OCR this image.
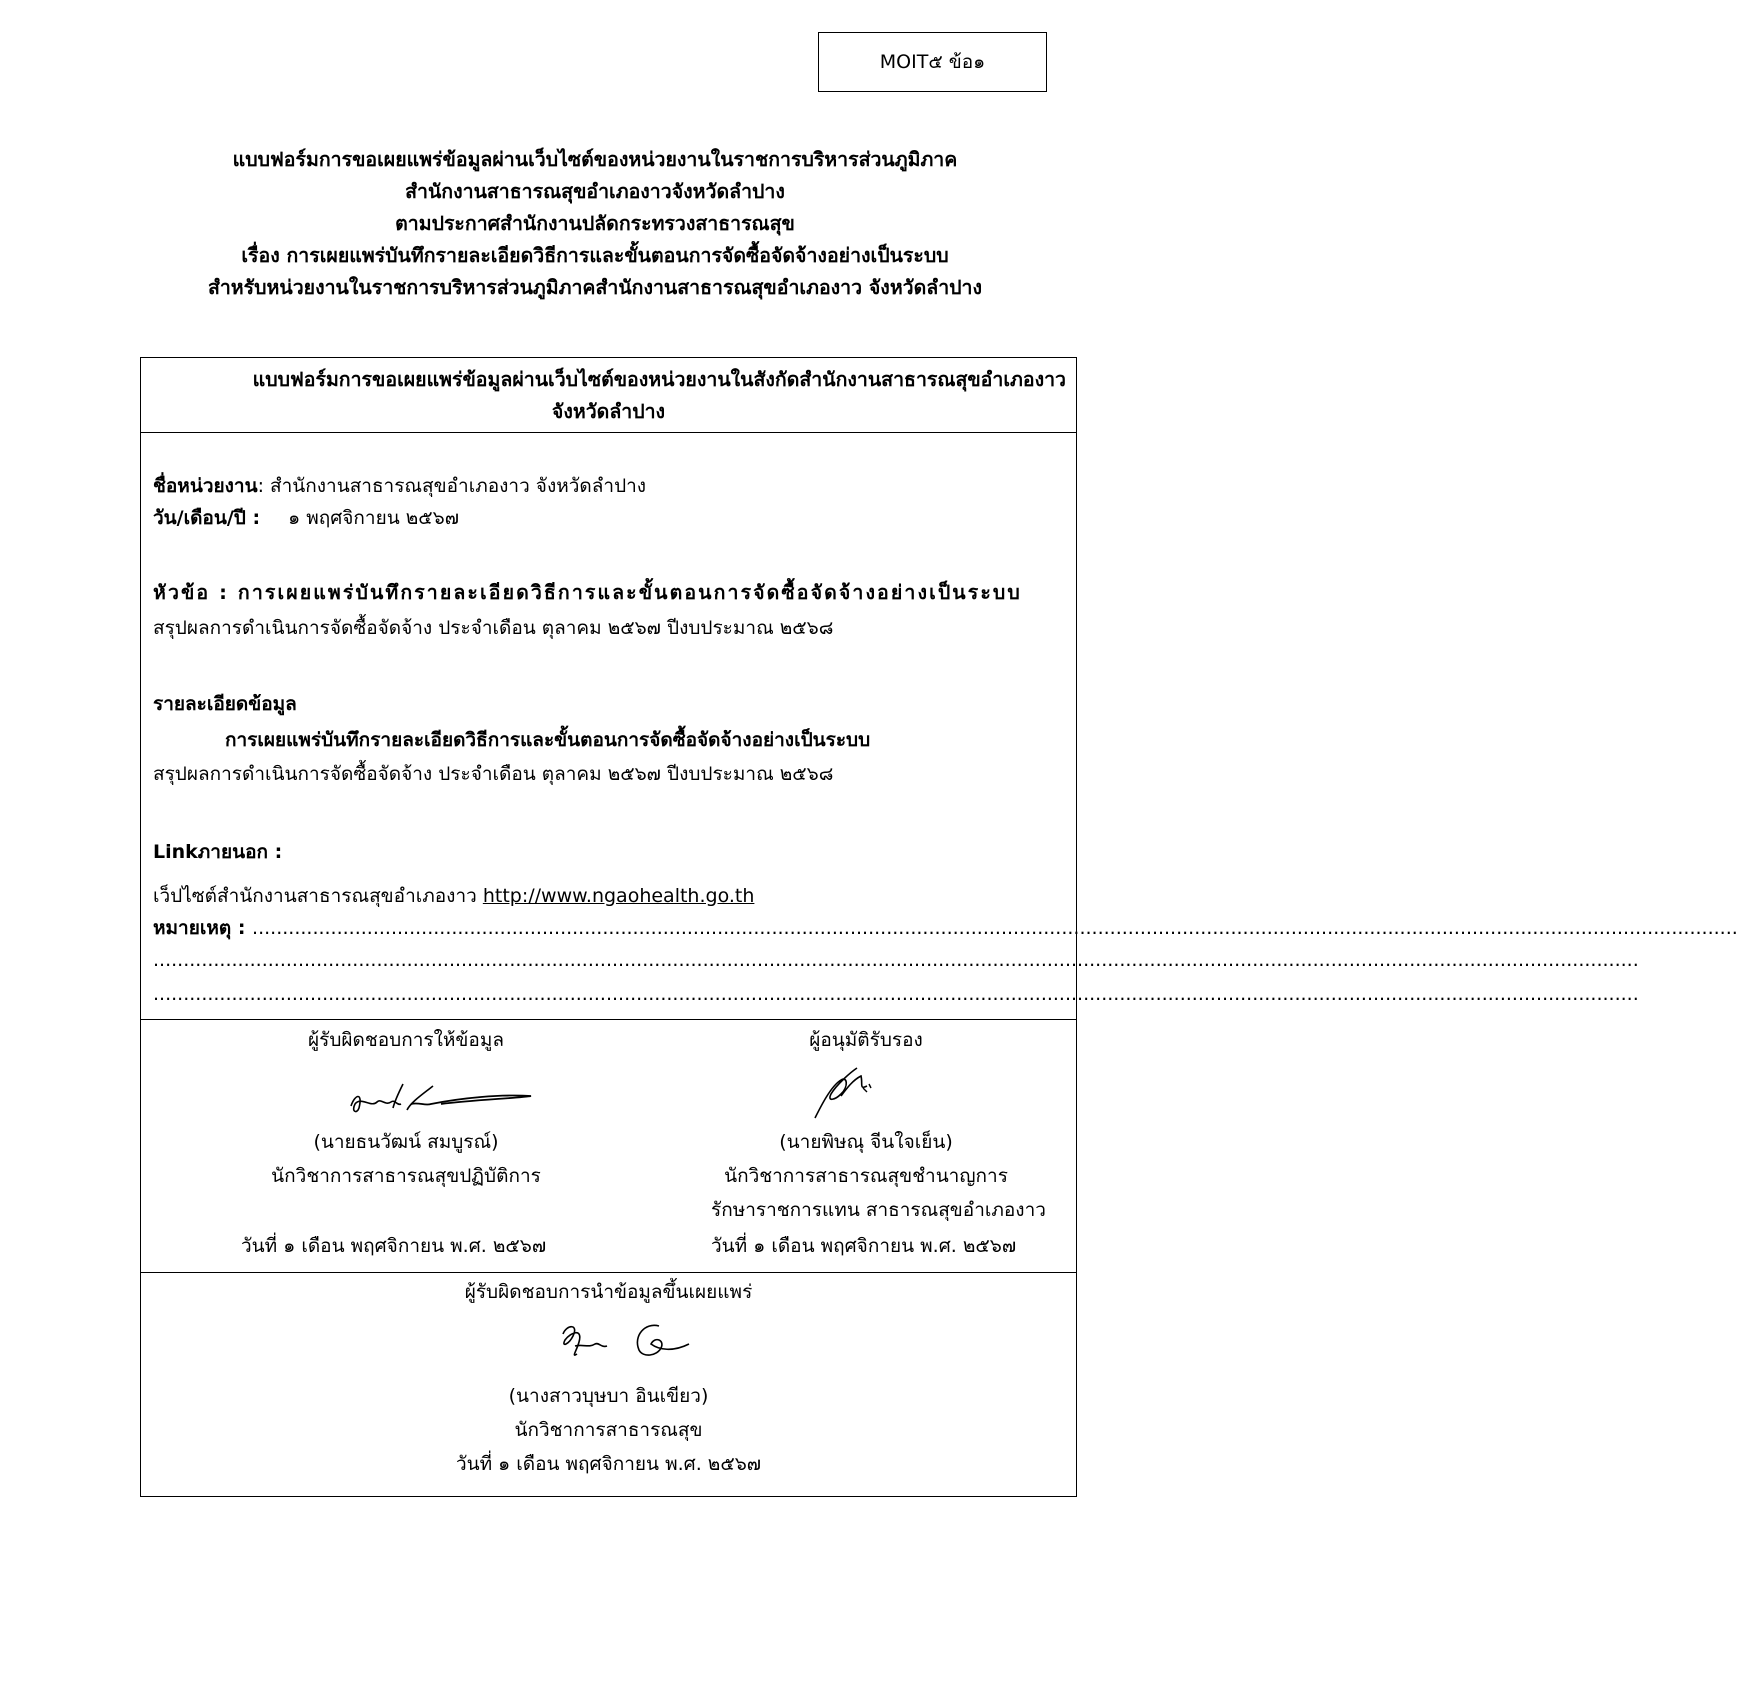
MOIT๕ ข้อ๑
แบบฟอร์มการขอเผยแพร่ข้อมูลผ่านเว็บไซต์ของหน่วยงานในราชการบริหารส่วนภูมิภาค
สำนักงานสาธารณสุขอำเภองาวจังหวัดลำปาง
ตามประกาศสำนักงานปลัดกระทรวงสาธารณสุข
เรื่อง การเผยแพร่บันทึกรายละเอียดวิธีการและขั้นตอนการจัดซื้อจัดจ้างอย่างเป็นระบบ
สำหรับหน่วยงานในราชการบริหารส่วนภูมิภาคสำนักงานสาธารณสุขอำเภองาว จังหวัดลำปาง
แบบฟอร์มการขอเผยแพร่ข้อมูลผ่านเว็บไซต์ของหน่วยงานในสังกัดสำนักงานสาธารณสุขอำเภองาว
จังหวัดลำปาง
ชื่อหน่วยงาน: สำนักงานสาธารณสุขอำเภองาว จังหวัดลำปาง
วัน/เดือน/ปี : ๑ พฤศจิกายน ๒๕๖๗
หัวข้อ : การเผยแพร่บันทึกรายละเอียดวิธีการและขั้นตอนการจัดซื้อจัดจ้างอย่างเป็นระบบ
สรุปผลการดำเนินการจัดซื้อจัดจ้าง ประจำเดือน ตุลาคม ๒๕๖๗ ปีงบประมาณ ๒๕๖๘
รายละเอียดข้อมูล
การเผยแพร่บันทึกรายละเอียดวิธีการและขั้นตอนการจัดซื้อจัดจ้างอย่างเป็นระบบ
สรุปผลการดำเนินการจัดซื้อจัดจ้าง ประจำเดือน ตุลาคม ๒๕๖๗ ปีงบประมาณ ๒๕๖๘
Linkภายนอก :
เว็ปไซต์สำนักงานสาธารณสุขอำเภองาว http://www.ngaohealth.go.th
หมายเหตุ : ......................................................................................................................................................................................................................................................
......................................................................................................................................................................................................................................................
......................................................................................................................................................................................................................................................
ผู้รับผิดชอบการให้ข้อมูล
(นายธนวัฒน์ สมบูรณ์)
นักวิชาการสาธารณสุขปฏิบัติการ
วันที่ ๑ เดือน พฤศจิกายน พ.ศ. ๒๕๖๗
ผู้อนุมัติรับรอง
(นายพิษณุ จีนใจเย็น)
นักวิชาการสาธารณสุขชำนาญการ
รักษาราชการแทน สาธารณสุขอำเภองาว
วันที่ ๑ เดือน พฤศจิกายน พ.ศ. ๒๕๖๗
ผู้รับผิดชอบการนำข้อมูลขึ้นเผยแพร่
(นางสาวบุษบา อินเขียว)
นักวิชาการสาธารณสุข
วันที่ ๑ เดือน พฤศจิกายน พ.ศ. ๒๕๖๗
